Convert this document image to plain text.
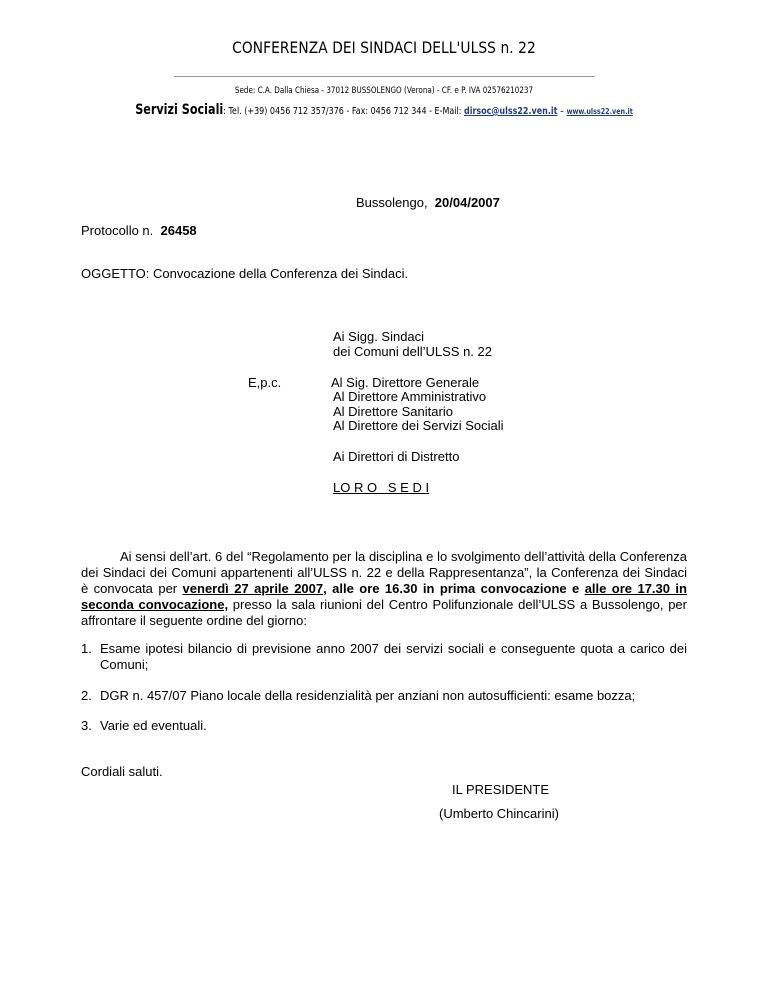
CONFERENZA DEI SINDACI DELL'ULSS n. 22
Sede: C.A. Dalla Chiesa - 37012 BUSSOLENGO (Verona) - CF. e P. IVA 02576210237
Servizi Sociali: Tel. (+39) 0456 712 357/376 - Fax: 0456 712 344 - E-Mail: dirsoc@ulss22.ven.it – www.ulss22.ven.it
Bussolengo, 20/04/2007
Protocollo n. 26458
OGGETTO: Convocazione della Conferenza dei Sindaci.
Ai Sigg. Sindaci
dei Comuni dell’ULSS n. 22
E,p.c.	Al Sig. Direttore Generale
Al Direttore Amministrativo
Al Direttore Sanitario
Al Direttore dei Servizi Sociali
Ai Direttori di Distretto
LO R O   S E D I
Ai sensi dell’art. 6 del “Regolamento per la disciplina e lo svolgimento dell’attività della Conferenza dei Sindaci dei Comuni appartenenti all’ULSS n. 22 e della Rappresentanza”, la Conferenza dei Sindaci è convocata per venerdì 27 aprile 2007, alle ore 16.30 in prima convocazione e alle ore 17.30 in seconda convocazione, presso la sala riunioni del Centro Polifunzionale dell’ULSS a Bussolengo, per affrontare il seguente ordine del giorno:
1. Esame ipotesi bilancio di previsione anno 2007 dei servizi sociali e conseguente quota a carico dei Comuni;
2. DGR n. 457/07 Piano locale della residenzialità per anziani non autosufficienti: esame bozza;
3. Varie ed eventuali.
Cordiali saluti.
IL PRESIDENTE
(Umberto Chincarini)
